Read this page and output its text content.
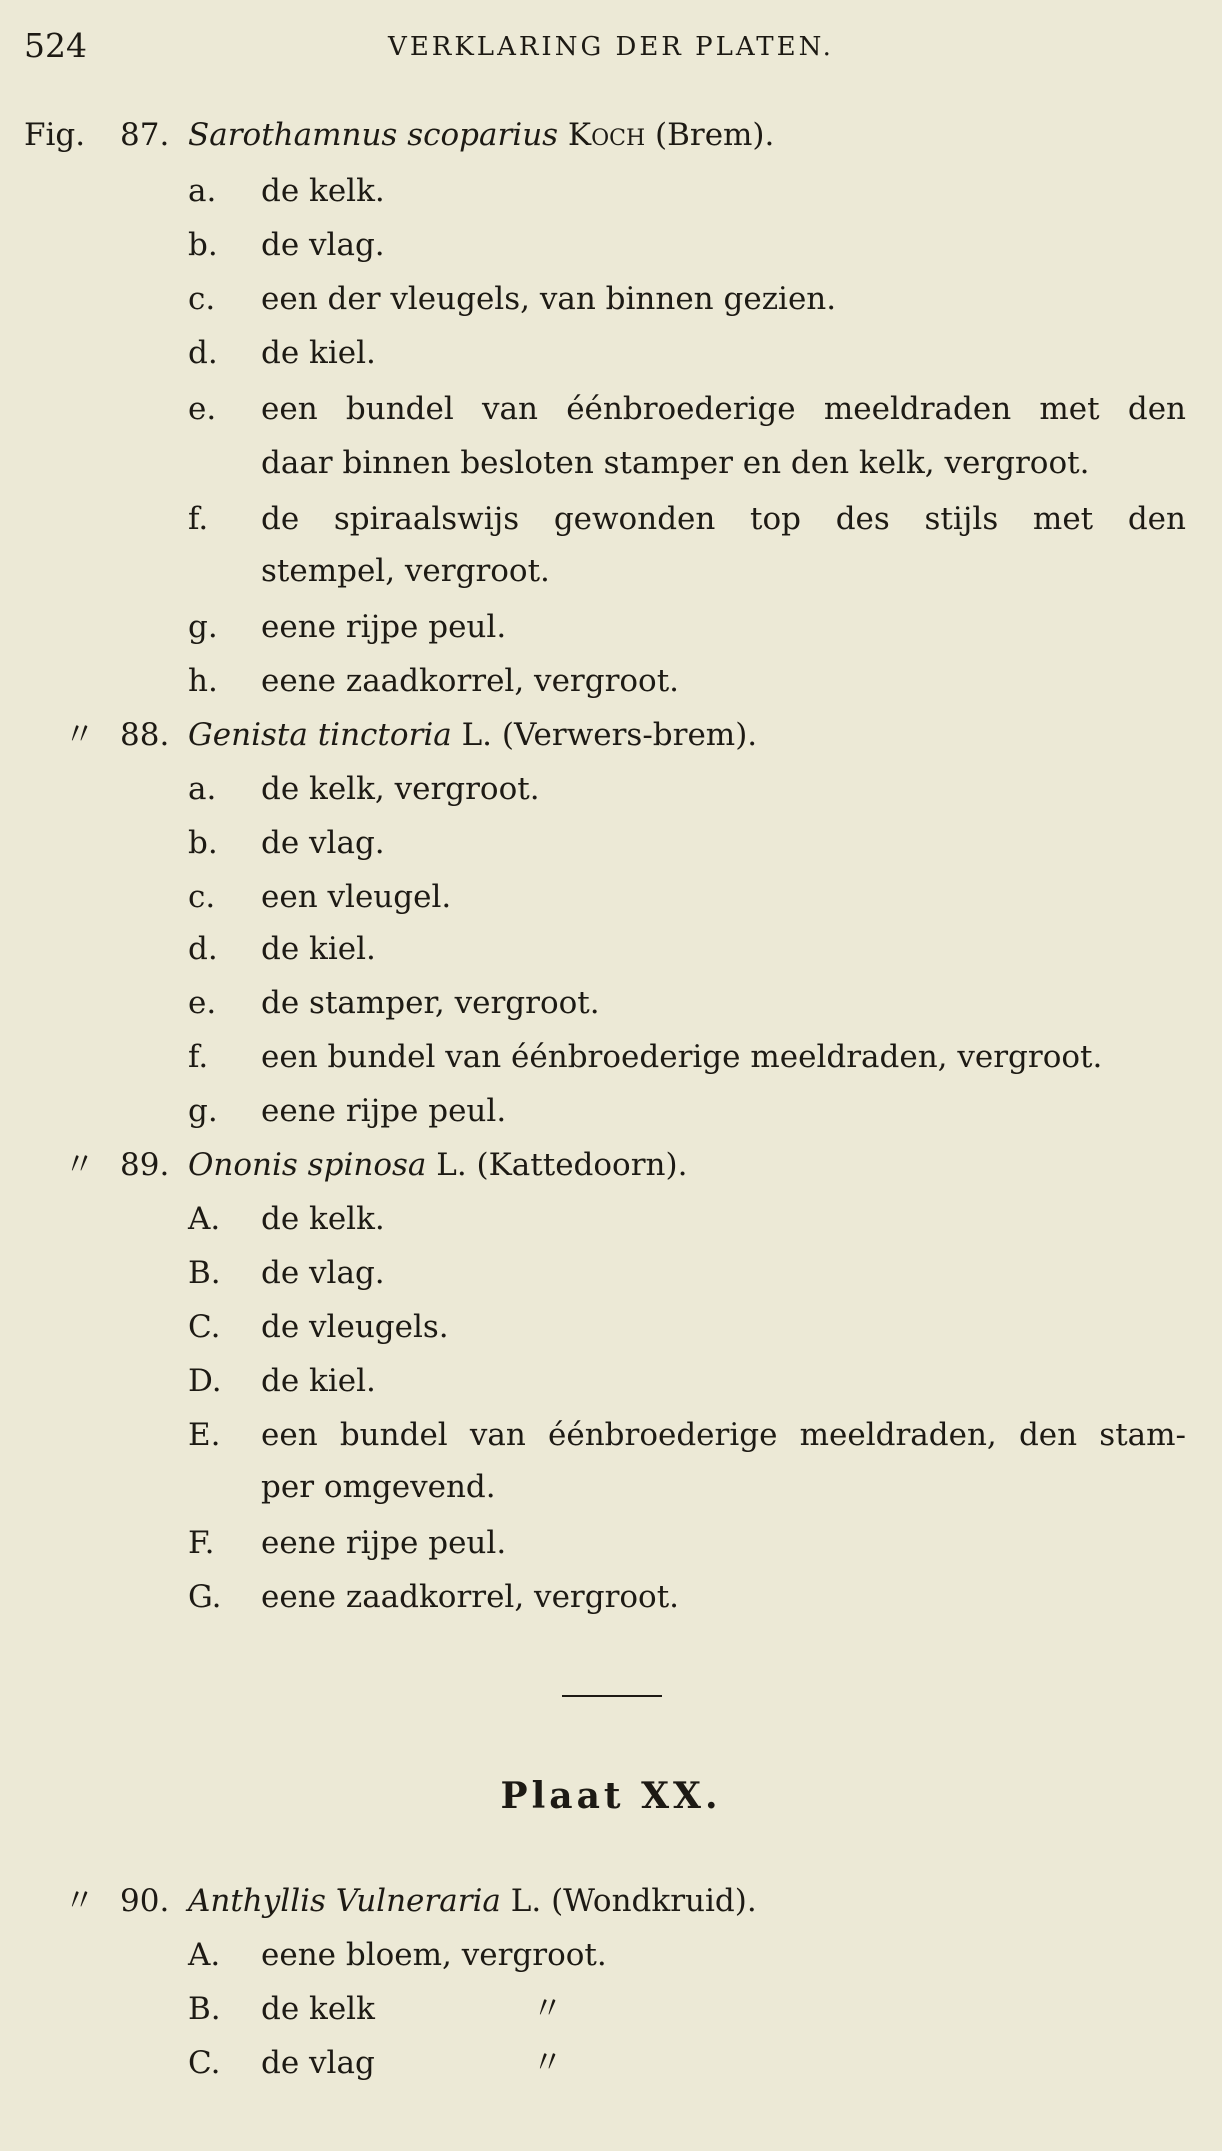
524	VERKLARING DER PLATEN.
Fig. 87. Sarothamnus scoparius Koch (Brem).
a. de kelk.
b. de vlag.
c. een der vleugels, van binnen gezien.
d. de kiel.
e. een bundel van éénbroederige meeldraden met den
daar binnen besloten stamper en den kelk, vergroot.
f. de spiraalswijs gewonden top des stijls met den
stempel, vergroot.
g. eene rijpe peul.
h. eene zaadkorrel, vergroot.
〃 88. Genista tinctoria L. (Verwers-brem).
a. de kelk, vergroot.
b. de vlag.
c. een vleugel.
d. de kiel.
e. de stamper, vergroot.
f. een bundel van éénbroederige meeldraden, vergroot.
g. eene rijpe peul.
〃 89. Ononis spinosa L. (Kattedoorn).
A. de kelk.
B. de vlag.
C. de vleugels.
D. de kiel.
E. een bundel van éénbroederige meeldraden, den stam-
per omgevend.
F. eene rijpe peul.
G. eene zaadkorrel, vergroot.
Plaat XX.
〃 90. Anthyllis Vulneraria L. (Wondkruid).
A. eene bloem, vergroot.
B. de kelk	〃
C. de vlag	〃
